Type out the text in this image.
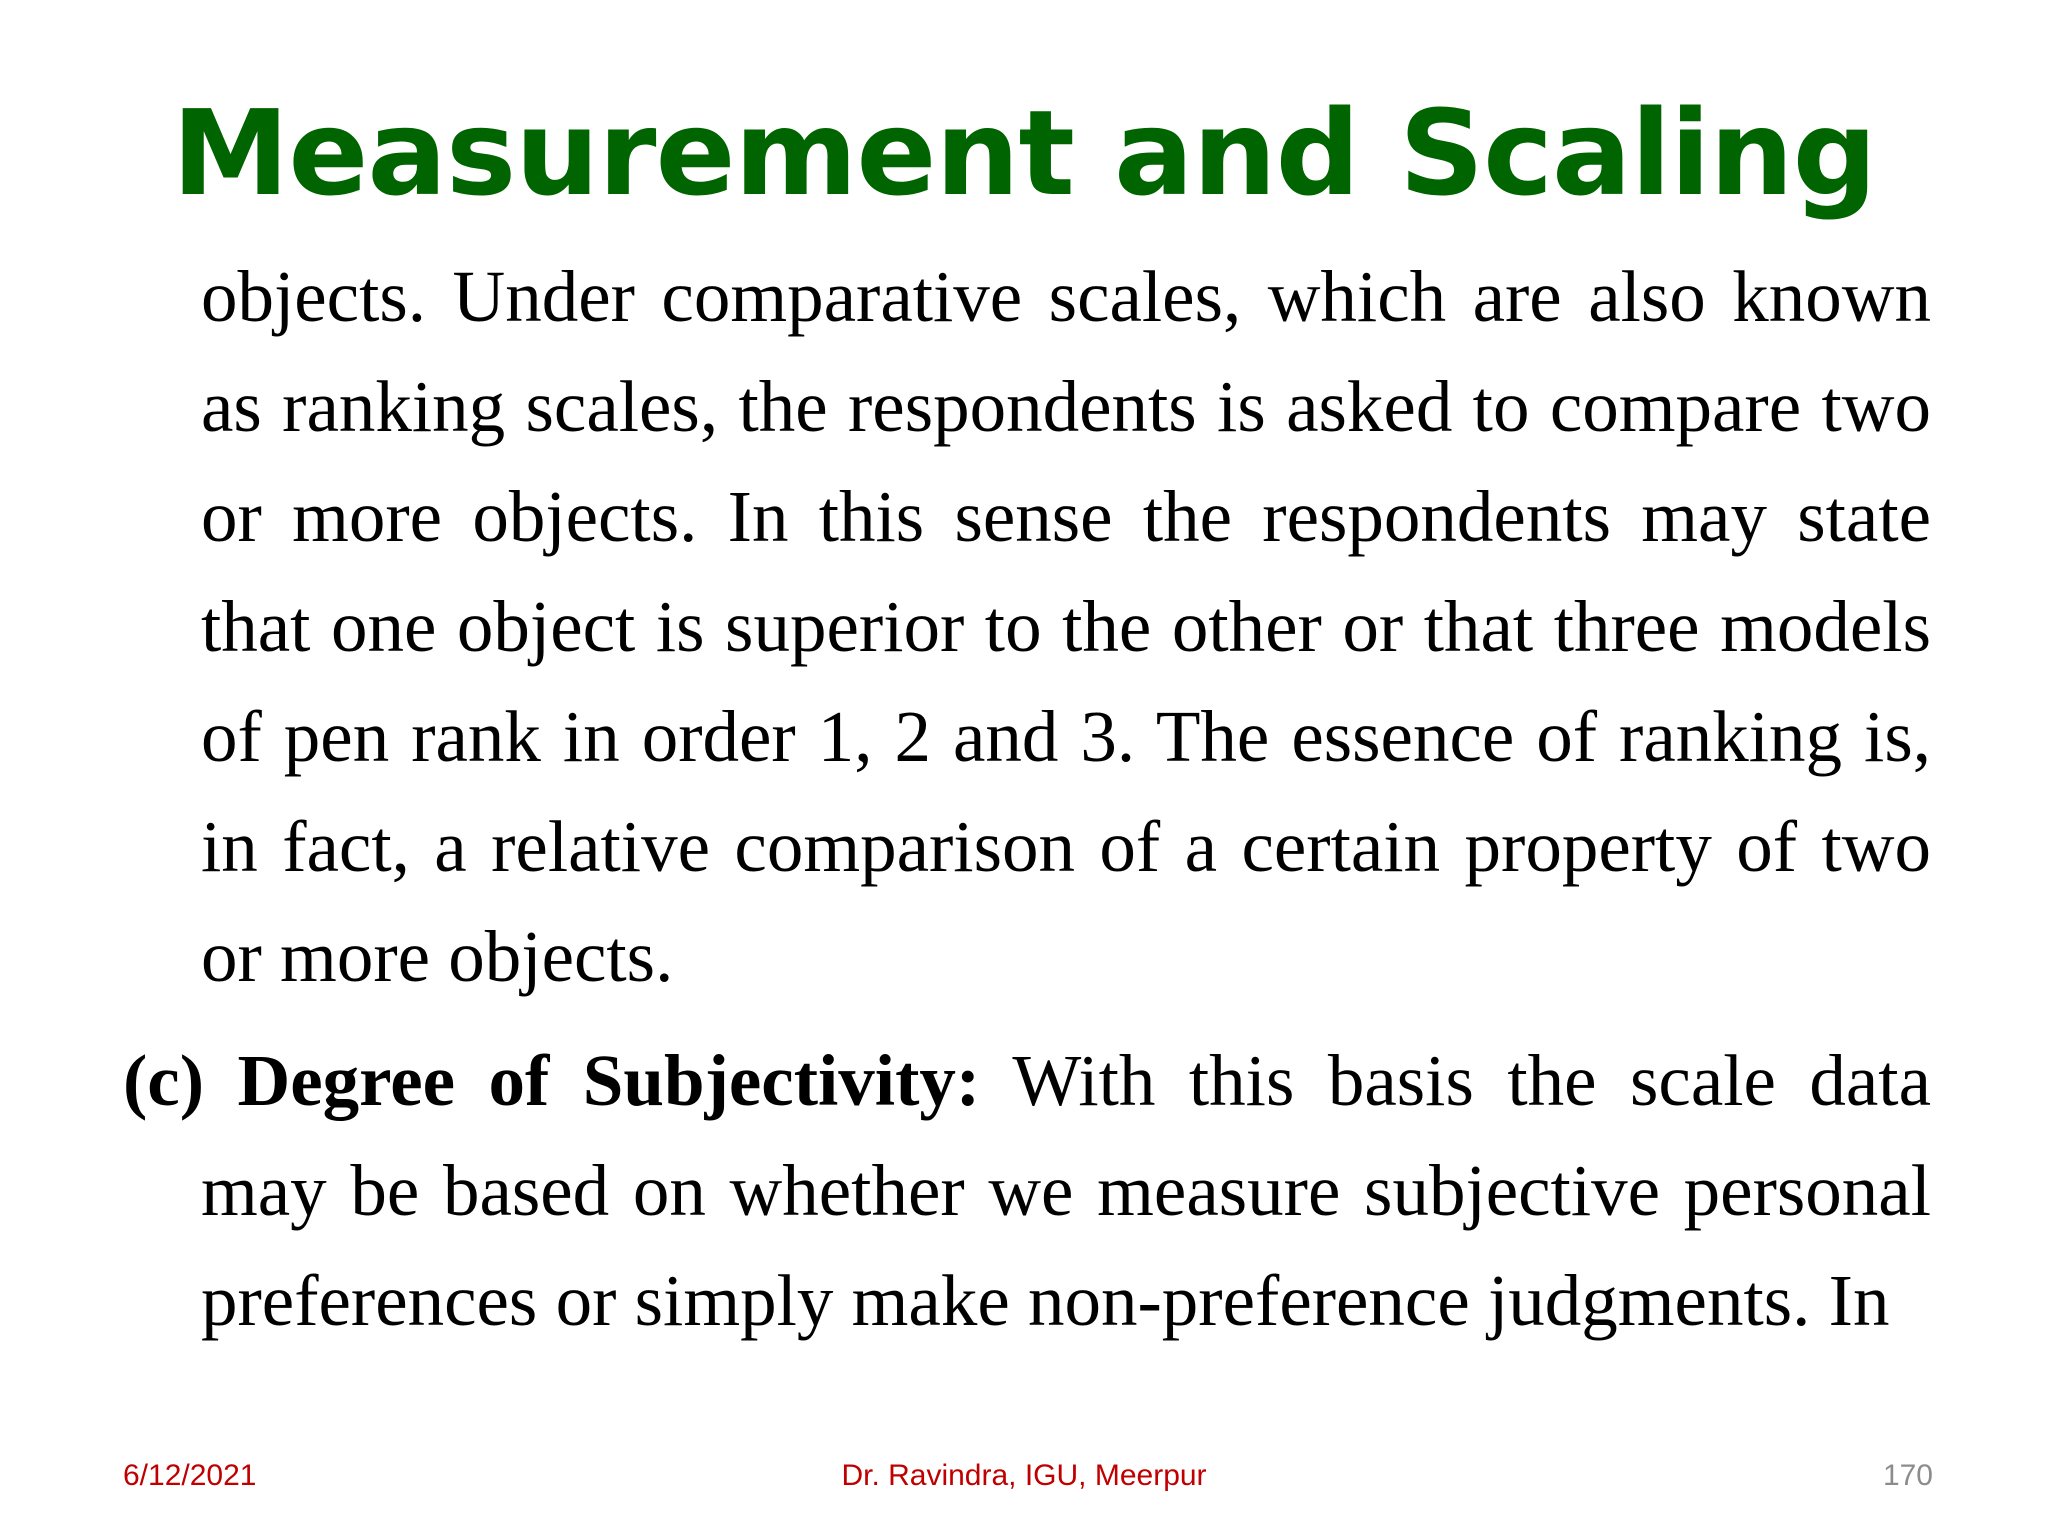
Measurement and Scaling

objects. Under comparative scales, which are also known as ranking scales, the respondents is asked to compare two or more objects. In this sense the respondents may state that one object is superior to the other or that three models of pen rank in order 1, 2 and 3. The essence of ranking is, in fact, a relative comparison of a certain property of two or more objects.

(c) Degree of Subjectivity: With this basis the scale data may be based on whether we measure subjective personal preferences or simply make non-preference judgments. In

6/12/2021	Dr. Ravindra, IGU, Meerpur	170
